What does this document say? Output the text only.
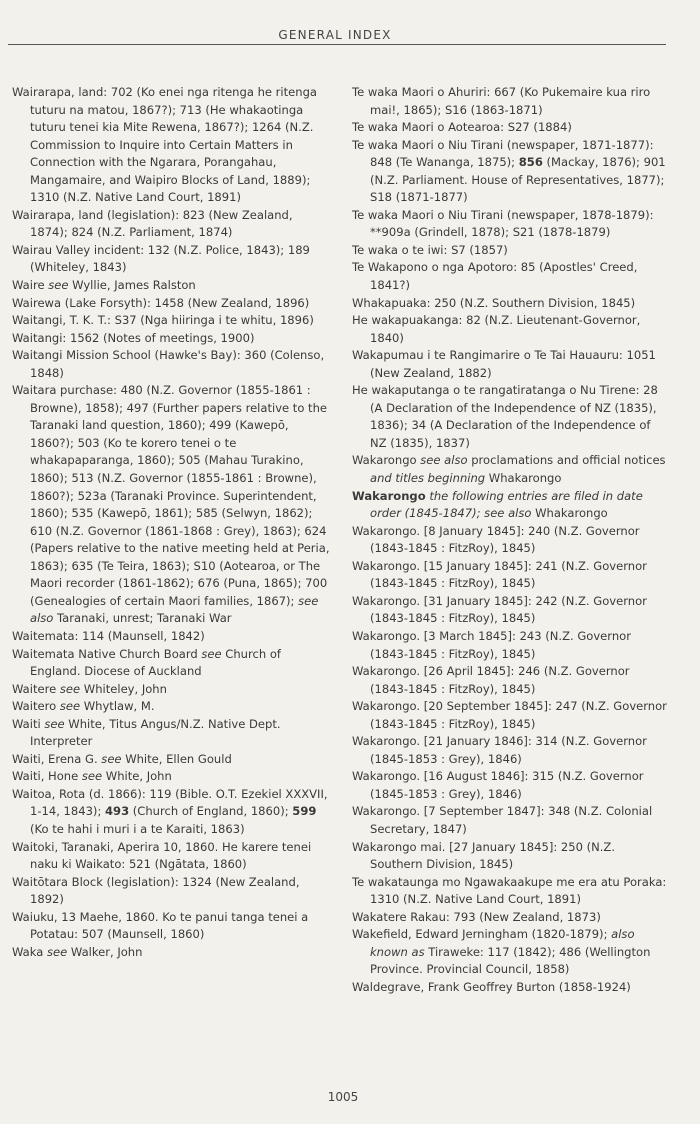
GENERAL INDEX

Wairarapa, land: 702 (Ko enei nga ritenga he ritenga tuturu na matou, 1867?); 713 (He whakaotinga tuturu tenei kia Mite Rewena, 1867?); 1264 (N.Z. Commission to Inquire into Certain Matters in Connection with the Ngarara, Porangahau, Mangamaire, and Waipiro Blocks of Land, 1889); 1310 (N.Z. Native Land Court, 1891)

Wairarapa, land (legislation): 823 (New Zealand, 1874); 824 (N.Z. Parliament, 1874)

Wairau Valley incident: 132 (N.Z. Police, 1843); 189 (Whiteley, 1843)

Waire see Wyllie, James Ralston

Wairewa (Lake Forsyth): 1458 (New Zealand, 1896)

Waitangi, T. K. T.: S37 (Nga hiiringa i te whitu, 1896)

Waitangi: 1562 (Notes of meetings, 1900)

Waitangi Mission School (Hawke's Bay): 360 (Colenso, 1848)

Waitara purchase: 480 (N.Z. Governor (1855-1861 : Browne), 1858); 497 (Further papers relative to the Taranaki land question, 1860); 499 (Kawepō, 1860?); 503 (Ko te korero tenei o te whakapaparanga, 1860); 505 (Mahau Turakino, 1860); 513 (N.Z. Governor (1855-1861 : Browne), 1860?); 523a (Taranaki Province. Superintendent, 1860); 535 (Kawepō, 1861); 585 (Selwyn, 1862); 610 (N.Z. Governor (1861-1868 : Grey), 1863); 624 (Papers relative to the native meeting held at Peria, 1863); 635 (Te Teira, 1863); S10 (Aotearoa, or The Maori recorder (1861-1862); 676 (Puna, 1865); 700 (Genealogies of certain Maori families, 1867); see also Taranaki, unrest; Taranaki War

Waitemata: 114 (Maunsell, 1842)

Waitemata Native Church Board see Church of England. Diocese of Auckland

Waitere see Whiteley, John

Waitero see Whytlaw, M.

Waiti see White, Titus Angus/N.Z. Native Dept. Interpreter

Waiti, Erena G. see White, Ellen Gould

Waiti, Hone see White, John

Waitoa, Rota (d. 1866): 119 (Bible. O.T. Ezekiel XXXVII, 1-14, 1843); 493 (Church of England, 1860); 599 (Ko te hahi i muri i a te Karaiti, 1863)

Waitoki, Taranaki, Aperira 10, 1860. He karere tenei naku ki Waikato: 521 (Ngātata, 1860)

Waitōtara Block (legislation): 1324 (New Zealand, 1892)

Waiuku, 13 Maehe, 1860. Ko te panui tanga tenei a Potatau: 507 (Maunsell, 1860)

Waka see Walker, John

Te waka Maori o Ahuriri: 667 (Ko Pukemaire kua riro mai!, 1865); S16 (1863-1871)

Te waka Maori o Aotearoa: S27 (1884)

Te waka Maori o Niu Tirani (newspaper, 1871-1877): 848 (Te Wananga, 1875); 856 (Mackay, 1876); 901 (N.Z. Parliament. House of Representatives, 1877); S18 (1871-1877)

Te waka Maori o Niu Tirani (newspaper, 1878-1879): **909a (Grindell, 1878); S21 (1878-1879)

Te waka o te iwi: S7 (1857)

Te Wakapono o nga Apotoro: 85 (Apostles' Creed, 1841?)

Whakapuaka: 250 (N.Z. Southern Division, 1845)

He wakapuakanga: 82 (N.Z. Lieutenant-Governor, 1840)

Wakapumau i te Rangimarire o Te Tai Hauauru: 1051 (New Zealand, 1882)

He wakaputanga o te rangatiratanga o Nu Tirene: 28 (A Declaration of the Independence of NZ (1835), 1836); 34 (A Declaration of the Independence of NZ (1835), 1837)

Wakarongo see also proclamations and official notices and titles beginning Whakarongo

Wakarongo the following entries are filed in date order (1845-1847); see also Whakarongo

Wakarongo. [8 January 1845]: 240 (N.Z. Governor (1843-1845 : FitzRoy), 1845)

Wakarongo. [15 January 1845]: 241 (N.Z. Governor (1843-1845 : FitzRoy), 1845)

Wakarongo. [31 January 1845]: 242 (N.Z. Governor (1843-1845 : FitzRoy), 1845)

Wakarongo. [3 March 1845]: 243 (N.Z. Governor (1843-1845 : FitzRoy), 1845)

Wakarongo. [26 April 1845]: 246 (N.Z. Governor (1843-1845 : FitzRoy), 1845)

Wakarongo. [20 September 1845]: 247 (N.Z. Governor (1843-1845 : FitzRoy), 1845)

Wakarongo. [21 January 1846]: 314 (N.Z. Governor (1845-1853 : Grey), 1846)

Wakarongo. [16 August 1846]: 315 (N.Z. Governor (1845-1853 : Grey), 1846)

Wakarongo. [7 September 1847]: 348 (N.Z. Colonial Secretary, 1847)

Wakarongo mai. [27 January 1845]: 250 (N.Z. Southern Division, 1845)

Te wakataunga mo Ngawakaakupe me era atu Poraka: 1310 (N.Z. Native Land Court, 1891)

Wakatere Rakau: 793 (New Zealand, 1873)

Wakefield, Edward Jerningham (1820-1879); also known as Tiraweke: 117 (1842); 486 (Wellington Province. Provincial Council, 1858)

Waldegrave, Frank Geoffrey Burton (1858-1924)

1005
